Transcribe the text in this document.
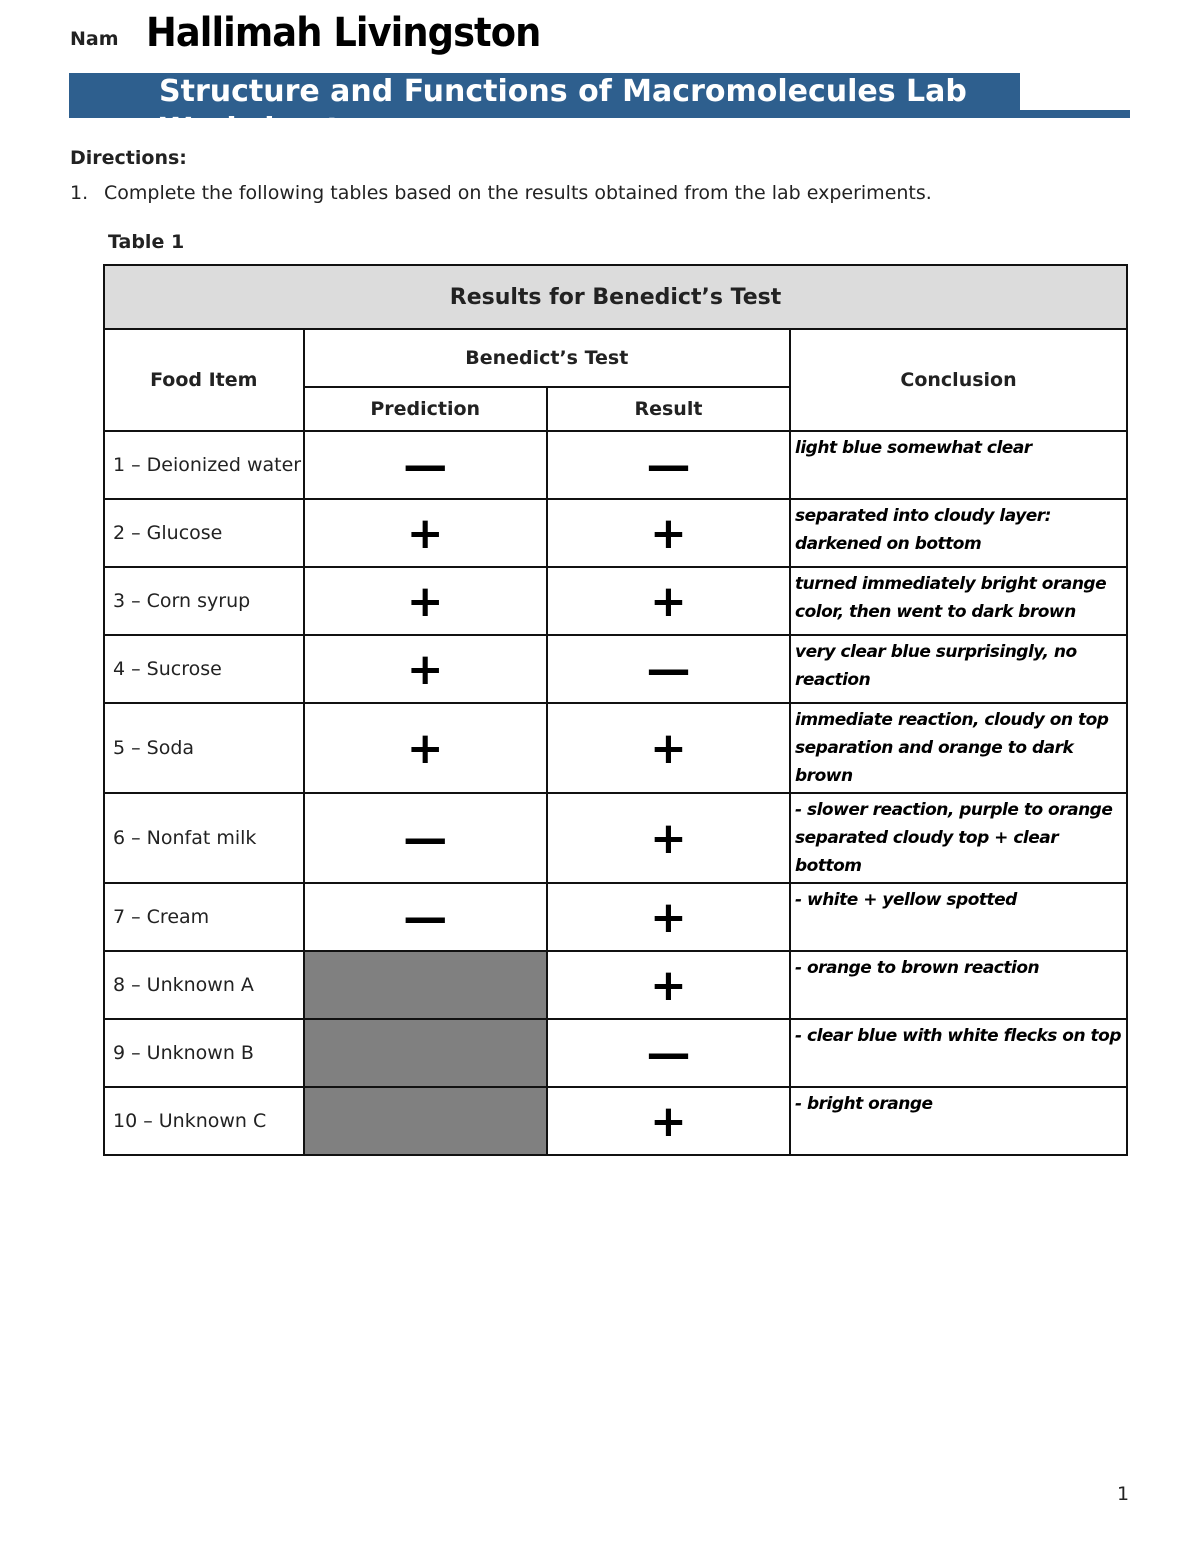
Nam Hallimah Livingston
Structure and Functions of Macromolecules Lab Worksheet
Directions:
1. Complete the following tables based on the results obtained from the lab experiments.
Table 1
Results for Benedict’s Test			
Food Item	Benedict’s Test		Conclusion
	Prediction	Result	
1 – Deionized water	—	—	light blue somewhat clear
2 – Glucose	+	+	separated into cloudy layer: darkened on bottom
3 – Corn syrup	+	+	turned immediately bright orange color, then went to dark brown
4 – Sucrose	+	—	very clear blue surprisingly, no reaction
5 – Soda	+	+	immediate reaction, cloudy on top separation and orange to dark brown
6 – Nonfat milk	—	+	- slower reaction, purple to orange separated cloudy top + clear bottom
7 – Cream	—	+	- white + yellow spotted
8 – Unknown A		+	- orange to brown reaction
9 – Unknown B		—	- clear blue with white flecks on top
10 – Unknown C		+	- bright orange
1
